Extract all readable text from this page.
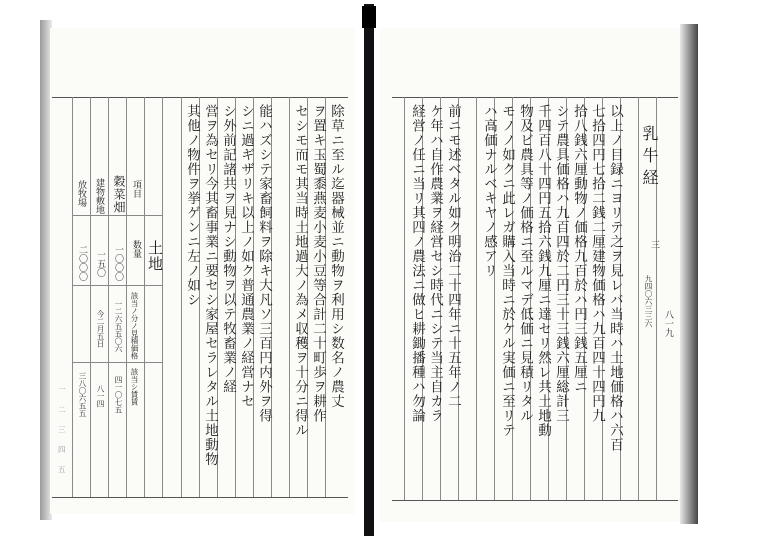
除草ニ至ル迄器械並ニ動物ヲ利用シ数名ノ農丈
ヲ置キ玉蜀黍燕麦小麦小豆等合計二十町歩ヲ耕作
セシモ而モ其当時土地過大ノ為メ収穫ヲ十分ニ得ル
能ハズシテ家畜飼料ヲ除キ大凡ソ三百円内外ヲ得
シニ過ギザリキ以上ノ如ク普通農業ノ経営ナセ
シ外前記諸共ヲ見ナシ動物ヲ以テ牧畜業ノ経
営ヲ為セリ今其畜事業ニ要セシ家屋セラレタル土地動物
其他ノ物件ヲ挙ゲンニ左ノ如シ
土地
項目
数量
該当ノ分ノ見積価格
該当シ賃賃
穀菜畑
一〇〇〇
一二六五五〇六
四一〇七五
建物敷地
一五〇
今二月五日
八一四
放牧場
二〇〇〇
三八〇六五五
一
二
三
四
五
乳牛経
三
九四〇六三三六 八一九
以上ノ目録ニヨリテ之ヲ見レバ当時ハ土地価格ハ六百
七拾四円七拾二銭二厘建物価格ハ九百四十四円九
拾八銭六厘動物ノ価格九百於ハ円三銭五厘ニ
シテ農具価格ハ九百四於二円三十三銭六厘総計三
千四百八十四円五拾六銭九厘ニ達セリ然レ共土地動
物及ビ農具等ノ価格ニ至ルマデ低価ニ見積リタル
モノノ如クニ此レガ購入当時ニ於ケル実価ニ至リテ
ハ高価ナルベキヤノ感アリ
前ニモ述ベタル如ク明治二十四年ニ十五年ノ二
ケ年ハ自作農業ヲ経営セシ時代ニシテ当主自カラ
経営ノ任ニ当リ其四ノ農法ニ做ヒ耕鋤播種ハ勿論
